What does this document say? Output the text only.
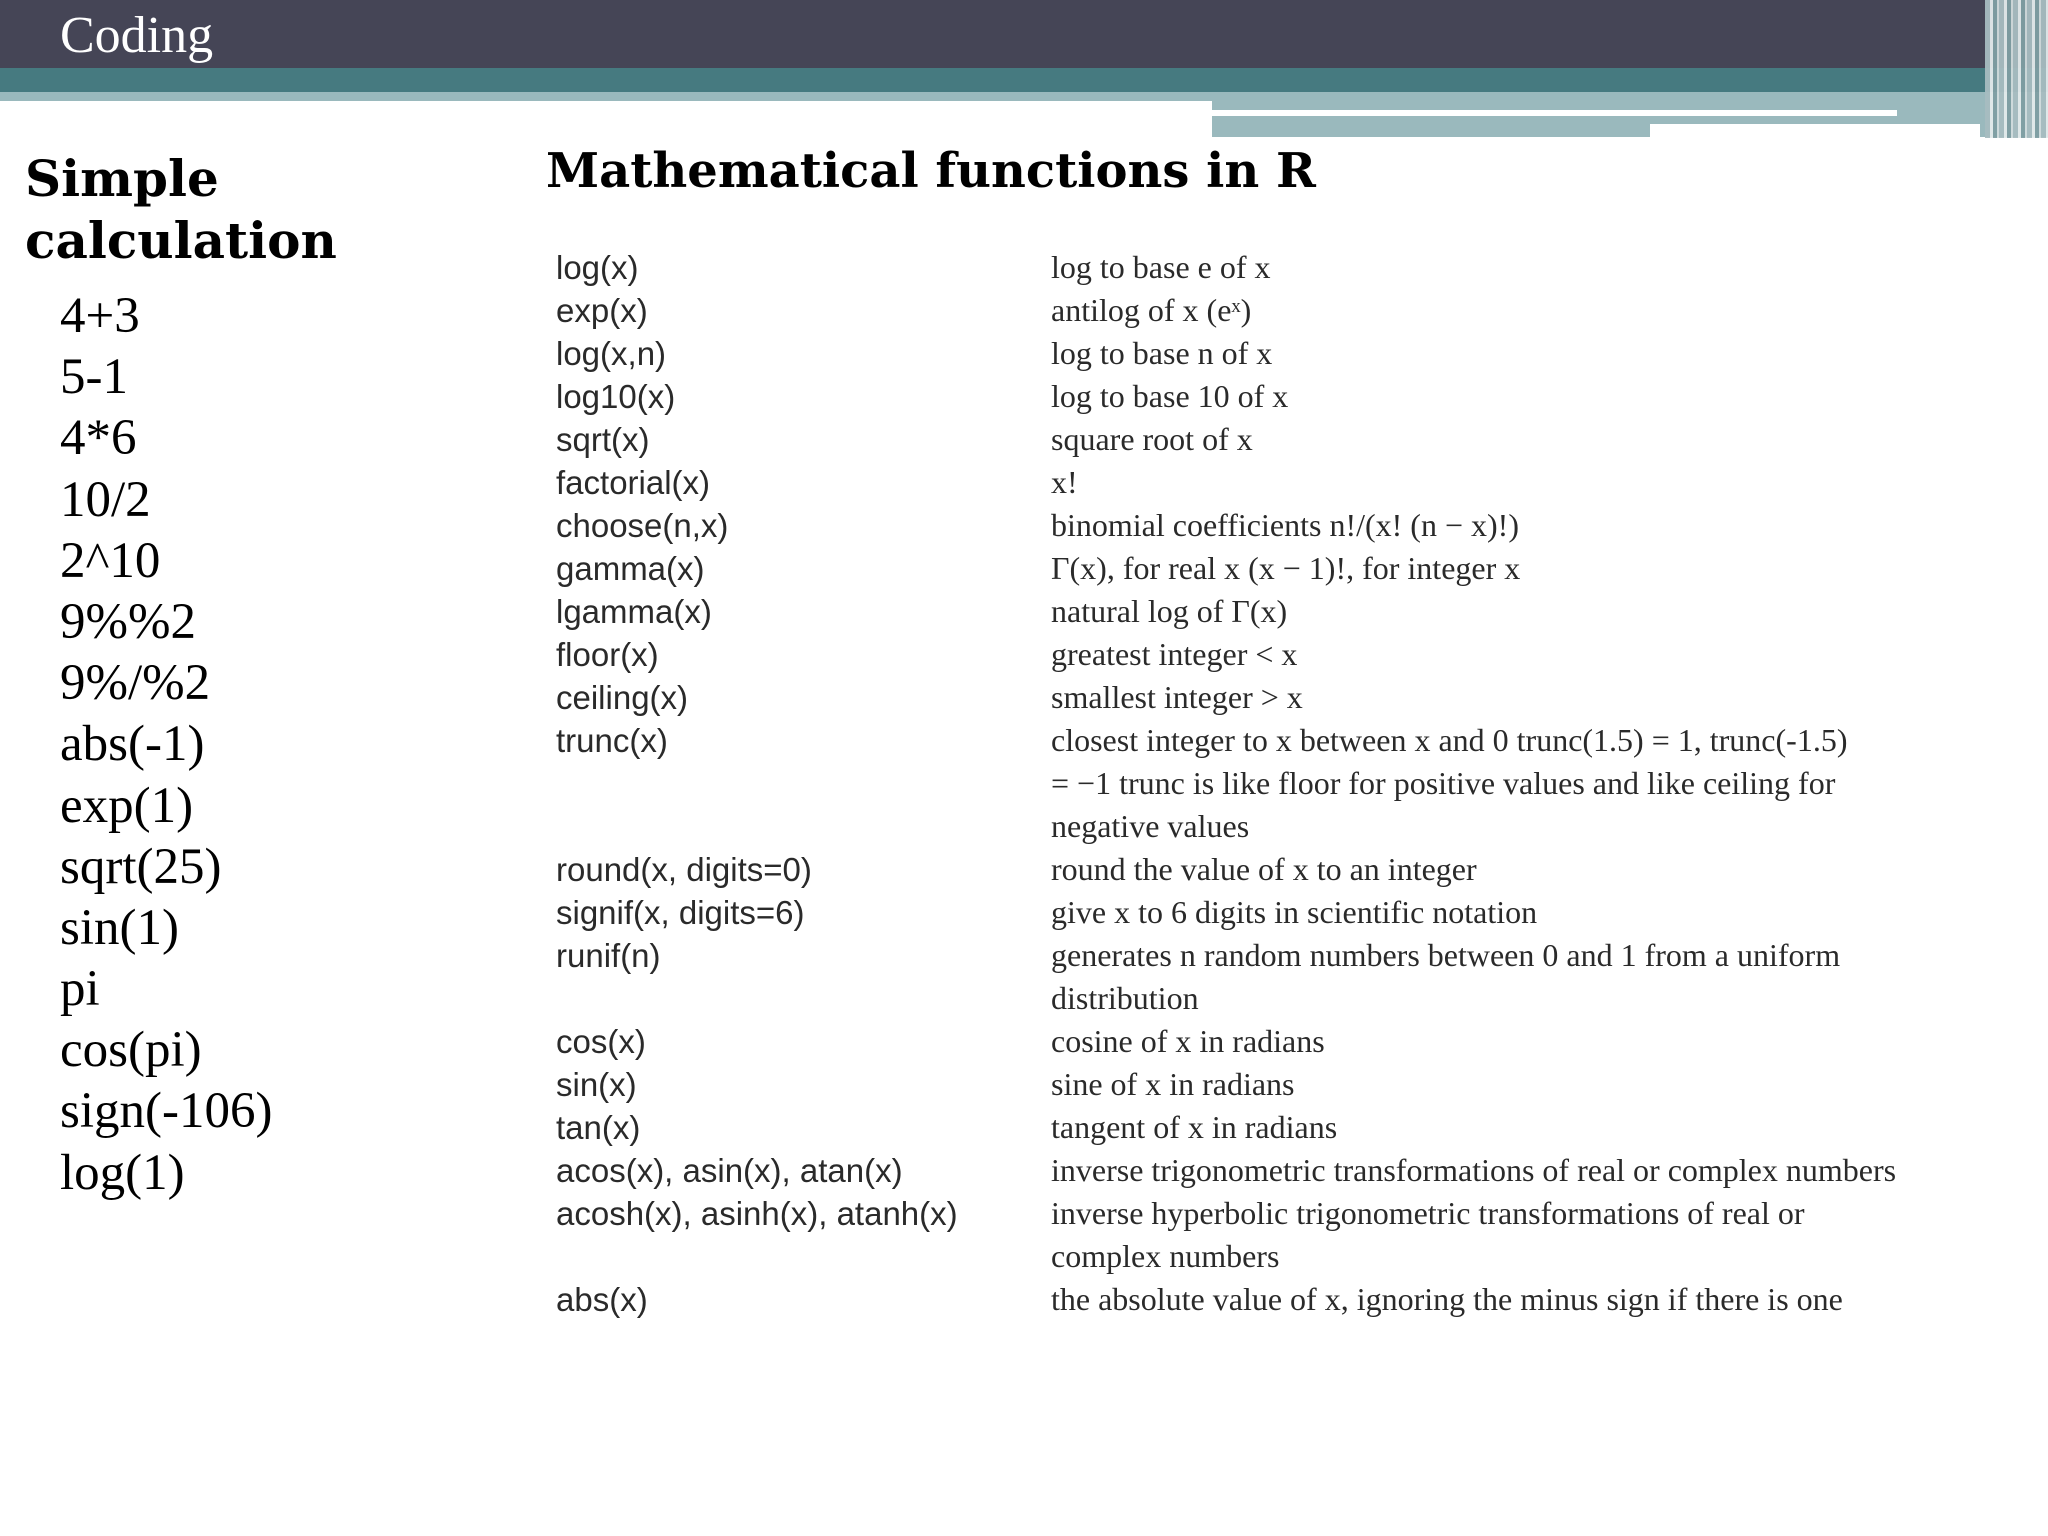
Coding
Simple calculation
4+3
5-1
4*6
10/2
2^10
9%%2
9%/%2
abs(-1)
exp(1)
sqrt(25)
sin(1)
pi
cos(pi)
sign(-106)
log(1)
Mathematical functions in R
log(x)	log to base e of x
exp(x)	antilog of x (eˣ)
log(x,n)	log to base n of x
log10(x)	log to base 10 of x
sqrt(x)	square root of x
factorial(x)	x!
choose(n,x)	binomial coefficients n!/(x! (n − x)!)
gamma(x)	Γ(x), for real x (x − 1)!, for integer x
lgamma(x)	natural log of Γ(x)
floor(x)	greatest integer < x
ceiling(x)	smallest integer > x
trunc(x)	closest integer to x between x and 0 trunc(1.5) = 1, trunc(-1.5)
= −1 trunc is like floor for positive values and like ceiling for
negative values
round(x, digits=0)	round the value of x to an integer
signif(x, digits=6)	give x to 6 digits in scientific notation
runif(n)	generates n random numbers between 0 and 1 from a uniform
distribution
cos(x)	cosine of x in radians
sin(x)	sine of x in radians
tan(x)	tangent of x in radians
acos(x), asin(x), atan(x)	inverse trigonometric transformations of real or complex numbers
acosh(x), asinh(x), atanh(x)	inverse hyperbolic trigonometric transformations of real or
complex numbers
abs(x)	the absolute value of x, ignoring the minus sign if there is one
